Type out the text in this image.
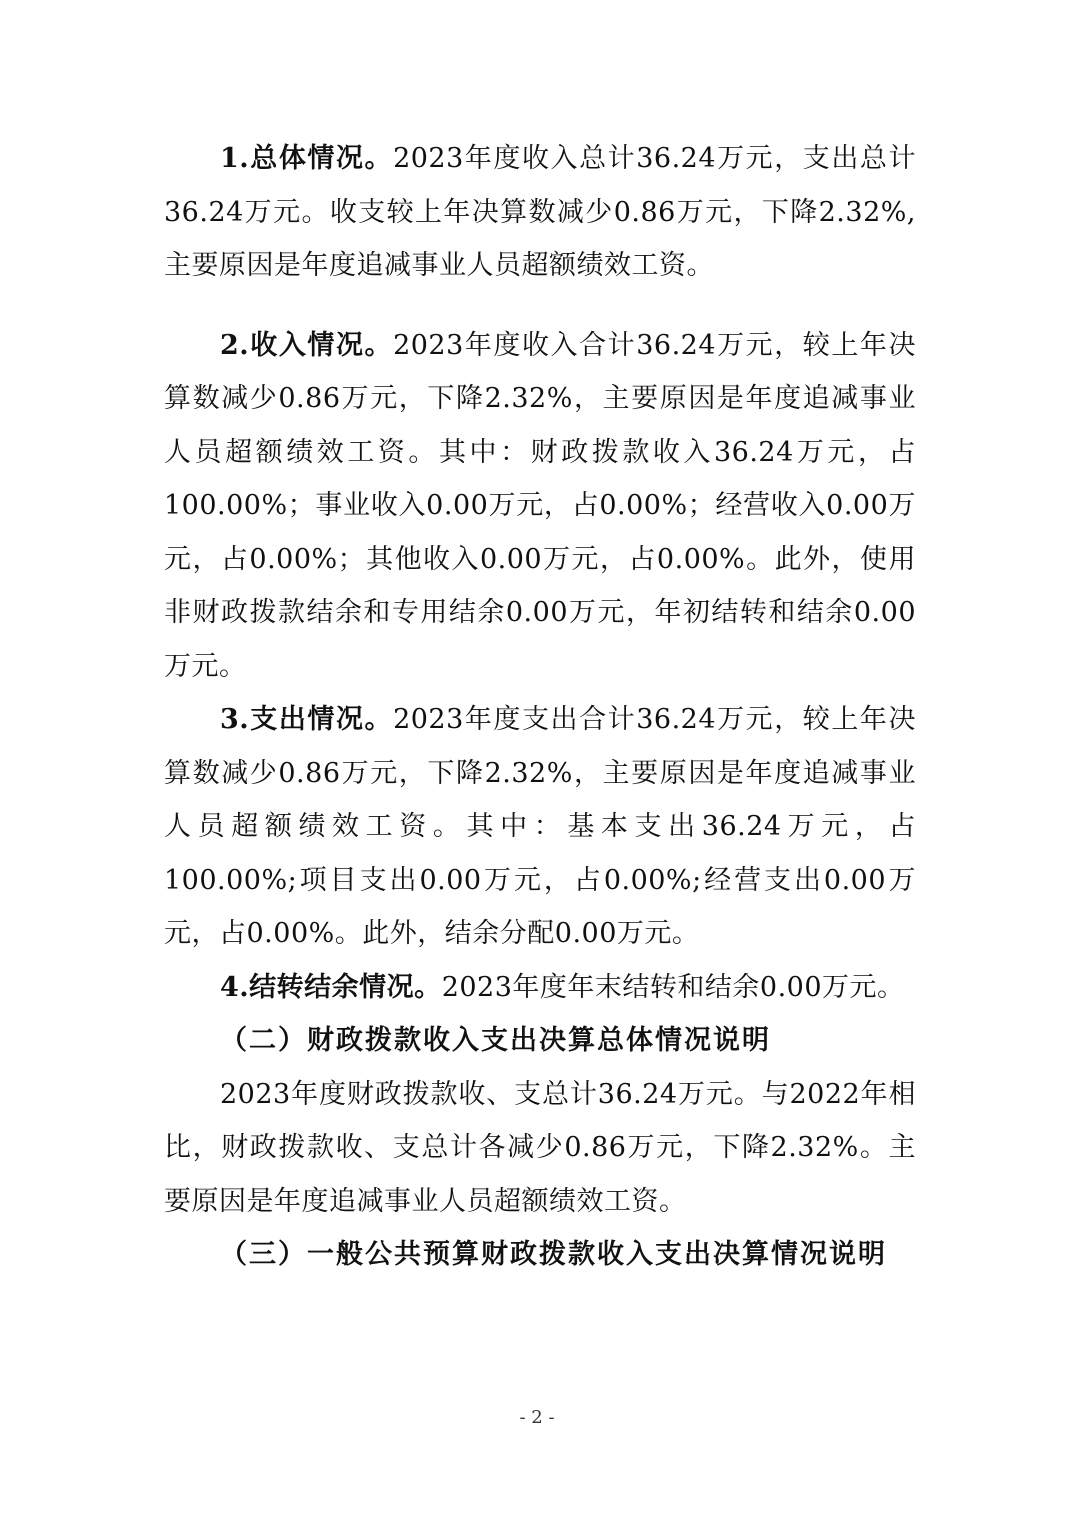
1.总体情况。2023年度收入总计36.24万元，支出总计36.24万元。收支较上年决算数减少0.86万元，下降2.32%,主要原因是年度追减事业人员超额绩效工资。

2.收入情况。2023年度收入合计36.24万元，较上年决算数减少0.86万元，下降2.32%，主要原因是年度追减事业人员超额绩效工资。其中：财政拨款收入36.24万元，占100.00%；事业收入0.00万元，占0.00%；经营收入0.00万元，占0.00%；其他收入0.00万元，占0.00%。此外，使用非财政拨款结余和专用结余0.00万元，年初结转和结余0.00万元。

3.支出情况。2023年度支出合计36.24万元，较上年决算数减少0.86万元，下降2.32%，主要原因是年度追减事业人员超额绩效工资。其中：基本支出36.24万元，占100.00%;项目支出0.00万元，占0.00%;经营支出0.00万元，占0.00%。此外，结余分配0.00万元。

4.结转结余情况。2023年度年末结转和结余0.00万元。

（二）财政拨款收入支出决算总体情况说明

2023年度财政拨款收、支总计36.24万元。与2022年相比，财政拨款收、支总计各减少0.86万元，下降2.32%。主要原因是年度追减事业人员超额绩效工资。

（三）一般公共预算财政拨款收入支出决算情况说明

- 2 -
